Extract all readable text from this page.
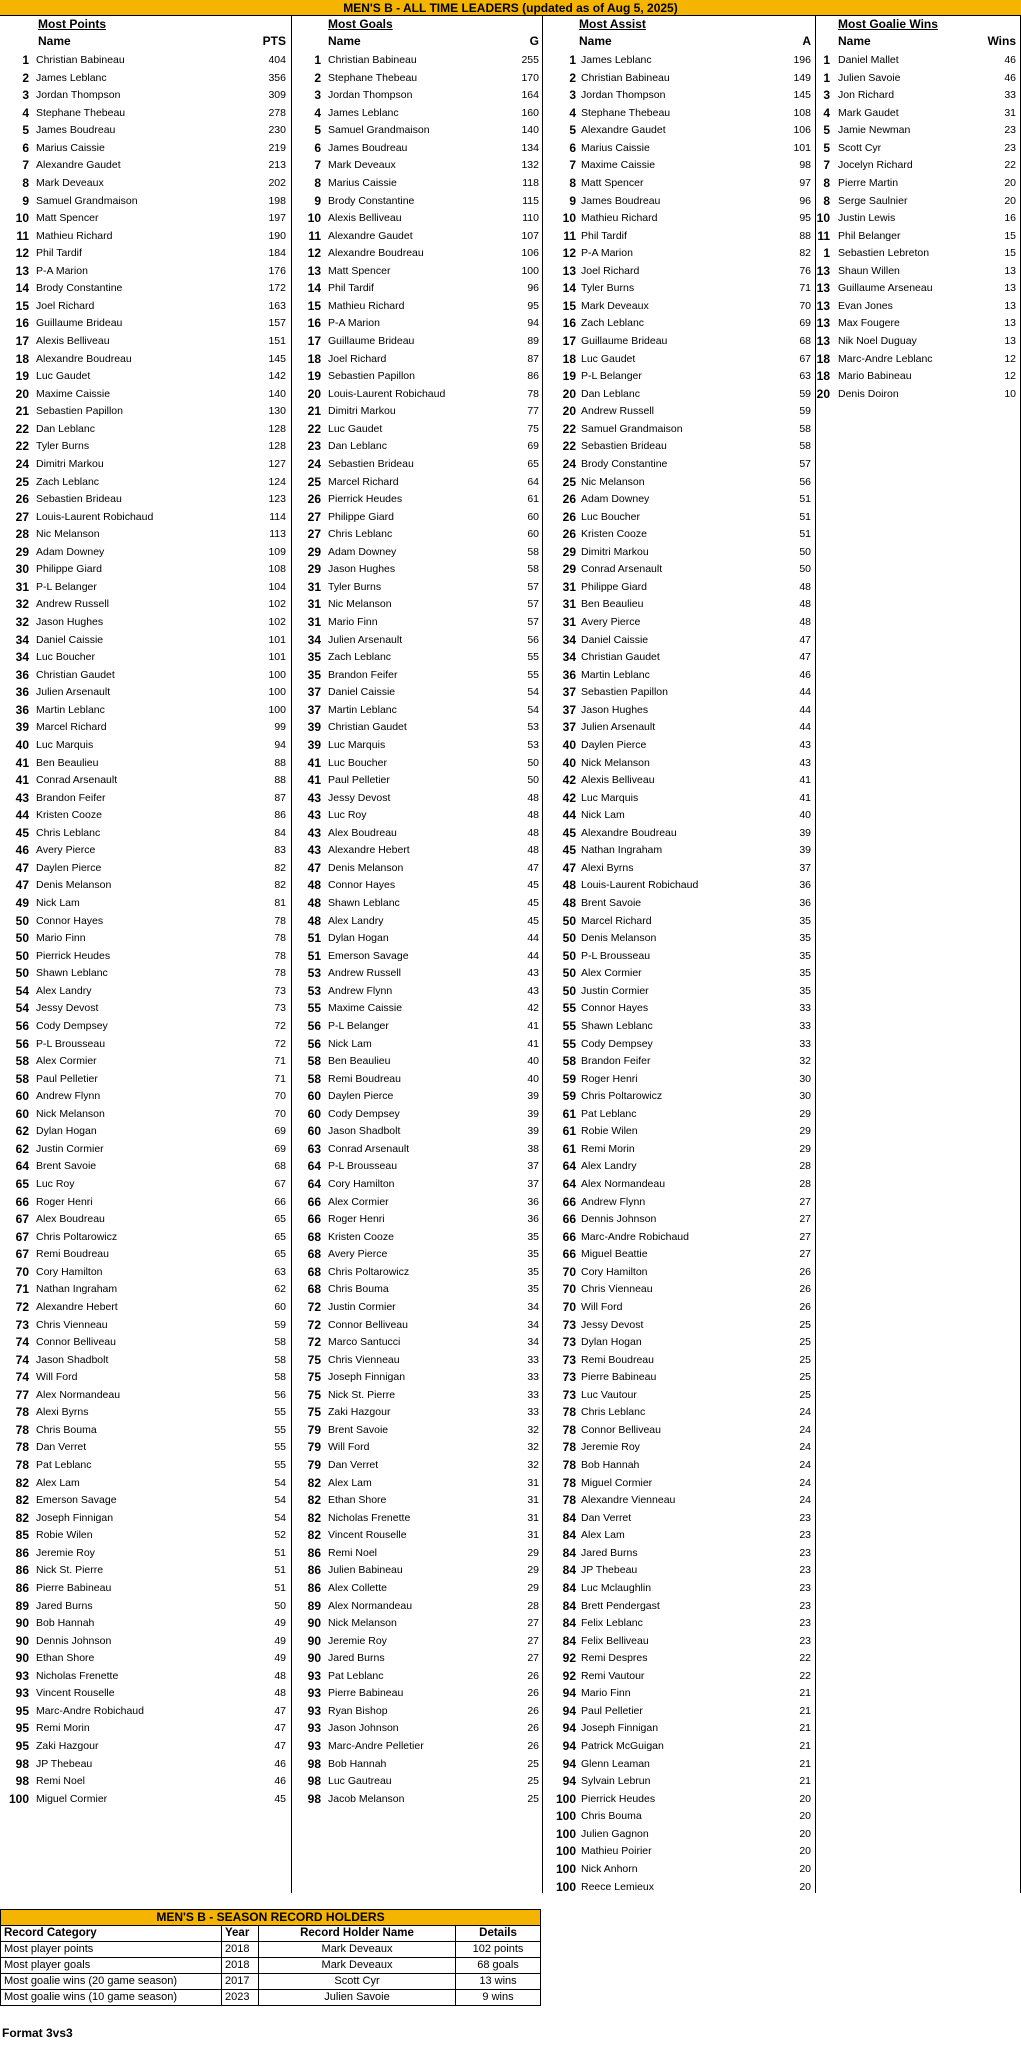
MEN'S B - ALL TIME LEADERS (updated as of Aug 5, 2025)
Most Points
Name	PTS
1 Christian Babineau	404
2 James Leblanc	356
3 Jordan Thompson	309
4 Stephane Thebeau	278
5 James Boudreau	230
6 Marius Caissie	219
7 Alexandre Gaudet	213
8 Mark Deveaux	202
9 Samuel Grandmaison	198
10 Matt Spencer	197
11 Mathieu Richard	190
12 Phil Tardif	184
13 P-A Marion	176
14 Brody Constantine	172
15 Joel Richard	163
16 Guillaume Brideau	157
17 Alexis Belliveau	151
18 Alexandre Boudreau	145
19 Luc Gaudet	142
20 Maxime Caissie	140
21 Sebastien Papillon	130
22 Dan Leblanc	128
22 Tyler Burns	128
24 Dimitri Markou	127
25 Zach Leblanc	124
26 Sebastien Brideau	123
27 Louis-Laurent Robichaud	114
28 Nic Melanson	113
29 Adam Downey	109
30 Philippe Giard	108
31 P-L Belanger	104
32 Andrew Russell	102
32 Jason Hughes	102
34 Daniel Caissie	101
34 Luc Boucher	101
36 Christian Gaudet	100
36 Julien Arsenault	100
36 Martin Leblanc	100
39 Marcel Richard	99
40 Luc Marquis	94
41 Ben Beaulieu	88
41 Conrad Arsenault	88
43 Brandon Feifer	87
44 Kristen Cooze	86
45 Chris Leblanc	84
46 Avery Pierce	83
47 Daylen Pierce	82
47 Denis Melanson	82
49 Nick Lam	81
50 Connor Hayes	78
50 Mario Finn	78
50 Pierrick Heudes	78
50 Shawn Leblanc	78
54 Alex Landry	73
54 Jessy Devost	73
56 Cody Dempsey	72
56 P-L Brousseau	72
58 Alex Cormier	71
58 Paul Pelletier	71
60 Andrew Flynn	70
60 Nick Melanson	70
62 Dylan Hogan	69
62 Justin Cormier	69
64 Brent Savoie	68
65 Luc Roy	67
66 Roger Henri	66
67 Alex Boudreau	65
67 Chris Poltarowicz	65
67 Remi Boudreau	65
70 Cory Hamilton	63
71 Nathan Ingraham	62
72 Alexandre Hebert	60
73 Chris Vienneau	59
74 Connor Belliveau	58
74 Jason Shadbolt	58
74 Will Ford	58
77 Alex Normandeau	56
78 Alexi Byrns	55
78 Chris Bouma	55
78 Dan Verret	55
78 Pat Leblanc	55
82 Alex Lam	54
82 Emerson Savage	54
82 Joseph Finnigan	54
85 Robie Wilen	52
86 Jeremie Roy	51
86 Nick St. Pierre	51
86 Pierre Babineau	51
89 Jared Burns	50
90 Bob Hannah	49
90 Dennis Johnson	49
90 Ethan Shore	49
93 Nicholas Frenette	48
93 Vincent Rouselle	48
95 Marc-Andre Robichaud	47
95 Remi Morin	47
95 Zaki Hazgour	47
98 JP Thebeau	46
98 Remi Noel	46
100 Miguel Cormier	45
Most Goals
Name	G
1 Christian Babineau	255
2 Stephane Thebeau	170
3 Jordan Thompson	164
4 James Leblanc	160
5 Samuel Grandmaison	140
6 James Boudreau	134
7 Mark Deveaux	132
8 Marius Caissie	118
9 Brody Constantine	115
10 Alexis Belliveau	110
11 Alexandre Gaudet	107
12 Alexandre Boudreau	106
13 Matt Spencer	100
14 Phil Tardif	96
15 Mathieu Richard	95
16 P-A Marion	94
17 Guillaume Brideau	89
18 Joel Richard	87
19 Sebastien Papillon	86
20 Louis-Laurent Robichaud	78
21 Dimitri Markou	77
22 Luc Gaudet	75
23 Dan Leblanc	69
24 Sebastien Brideau	65
25 Marcel Richard	64
26 Pierrick Heudes	61
27 Philippe Giard	60
27 Chris Leblanc	60
29 Adam Downey	58
29 Jason Hughes	58
31 Tyler Burns	57
31 Nic Melanson	57
31 Mario Finn	57
34 Julien Arsenault	56
35 Zach Leblanc	55
35 Brandon Feifer	55
37 Daniel Caissie	54
37 Martin Leblanc	54
39 Christian Gaudet	53
39 Luc Marquis	53
41 Luc Boucher	50
41 Paul Pelletier	50
43 Jessy Devost	48
43 Luc Roy	48
43 Alex Boudreau	48
43 Alexandre Hebert	48
47 Denis Melanson	47
48 Connor Hayes	45
48 Shawn Leblanc	45
48 Alex Landry	45
51 Dylan Hogan	44
51 Emerson Savage	44
53 Andrew Russell	43
53 Andrew Flynn	43
55 Maxime Caissie	42
56 P-L Belanger	41
56 Nick Lam	41
58 Ben Beaulieu	40
58 Remi Boudreau	40
60 Daylen Pierce	39
60 Cody Dempsey	39
60 Jason Shadbolt	39
63 Conrad Arsenault	38
64 P-L Brousseau	37
64 Cory Hamilton	37
66 Alex Cormier	36
66 Roger Henri	36
68 Kristen Cooze	35
68 Avery Pierce	35
68 Chris Poltarowicz	35
68 Chris Bouma	35
72 Justin Cormier	34
72 Connor Belliveau	34
72 Marco Santucci	34
75 Chris Vienneau	33
75 Joseph Finnigan	33
75 Nick St. Pierre	33
75 Zaki Hazgour	33
79 Brent Savoie	32
79 Will Ford	32
79 Dan Verret	32
82 Alex Lam	31
82 Ethan Shore	31
82 Nicholas Frenette	31
82 Vincent Rouselle	31
86 Remi Noel	29
86 Julien Babineau	29
86 Alex Collette	29
89 Alex Normandeau	28
90 Nick Melanson	27
90 Jeremie Roy	27
90 Jared Burns	27
93 Pat Leblanc	26
93 Pierre Babineau	26
93 Ryan Bishop	26
93 Jason Johnson	26
93 Marc-Andre Pelletier	26
98 Bob Hannah	25
98 Luc Gautreau	25
98 Jacob Melanson	25
Most Assist
Name	A
1 James Leblanc	196
2 Christian Babineau	149
3 Jordan Thompson	145
4 Stephane Thebeau	108
5 Alexandre Gaudet	106
6 Marius Caissie	101
7 Maxime Caissie	98
8 Matt Spencer	97
9 James Boudreau	96
10 Mathieu Richard	95
11 Phil Tardif	88
12 P-A Marion	82
13 Joel Richard	76
14 Tyler Burns	71
15 Mark Deveaux	70
16 Zach Leblanc	69
17 Guillaume Brideau	68
18 Luc Gaudet	67
19 P-L Belanger	63
20 Dan Leblanc	59
20 Andrew Russell	59
22 Samuel Grandmaison	58
22 Sebastien Brideau	58
24 Brody Constantine	57
25 Nic Melanson	56
26 Adam Downey	51
26 Luc Boucher	51
26 Kristen Cooze	51
29 Dimitri Markou	50
29 Conrad Arsenault	50
31 Philippe Giard	48
31 Ben Beaulieu	48
31 Avery Pierce	48
34 Daniel Caissie	47
34 Christian Gaudet	47
36 Martin Leblanc	46
37 Sebastien Papillon	44
37 Jason Hughes	44
37 Julien Arsenault	44
40 Daylen Pierce	43
40 Nick Melanson	43
42 Alexis Belliveau	41
42 Luc Marquis	41
44 Nick Lam	40
45 Alexandre Boudreau	39
45 Nathan Ingraham	39
47 Alexi Byrns	37
48 Louis-Laurent Robichaud	36
48 Brent Savoie	36
50 Marcel Richard	35
50 Denis Melanson	35
50 P-L Brousseau	35
50 Alex Cormier	35
50 Justin Cormier	35
55 Connor Hayes	33
55 Shawn Leblanc	33
55 Cody Dempsey	33
58 Brandon Feifer	32
59 Roger Henri	30
59 Chris Poltarowicz	30
61 Pat Leblanc	29
61 Robie Wilen	29
61 Remi Morin	29
64 Alex Landry	28
64 Alex Normandeau	28
66 Andrew Flynn	27
66 Dennis Johnson	27
66 Marc-Andre Robichaud	27
66 Miguel Beattie	27
70 Cory Hamilton	26
70 Chris Vienneau	26
70 Will Ford	26
73 Jessy Devost	25
73 Dylan Hogan	25
73 Remi Boudreau	25
73 Pierre Babineau	25
73 Luc Vautour	25
78 Chris Leblanc	24
78 Connor Belliveau	24
78 Jeremie Roy	24
78 Bob Hannah	24
78 Miguel Cormier	24
78 Alexandre Vienneau	24
84 Dan Verret	23
84 Alex Lam	23
84 Jared Burns	23
84 JP Thebeau	23
84 Luc Mclaughlin	23
84 Brett Pendergast	23
84 Felix Leblanc	23
84 Felix Belliveau	23
92 Remi Despres	22
92 Remi Vautour	22
94 Mario Finn	21
94 Paul Pelletier	21
94 Joseph Finnigan	21
94 Patrick McGuigan	21
94 Glenn Leaman	21
94 Sylvain Lebrun	21
100 Pierrick Heudes	20
100 Chris Bouma	20
100 Julien Gagnon	20
100 Mathieu Poirier	20
100 Nick Anhorn	20
100 Reece Lemieux	20
Most Goalie Wins
Name	Wins
1 Daniel Mallet	46
1 Julien Savoie	46
3 Jon Richard	33
4 Mark Gaudet	31
5 Jamie Newman	23
5 Scott Cyr	23
7 Jocelyn Richard	22
8 Pierre Martin	20
8 Serge Saulnier	20
10 Justin Lewis	16
11 Phil Belanger	15
1 Sebastien Lebreton	15
13 Shaun Willen	13
13 Guillaume Arseneau	13
13 Evan Jones	13
13 Max Fougere	13
13 Nik Noel Duguay	13
18 Marc-Andre Leblanc	12
18 Mario Babineau	12
20 Denis Doiron	10
MEN'S B - SEASON RECORD HOLDERS			
Record Category	Year	Record Holder Name	Details
Most player points	2018	Mark Deveaux	102 points
Most player goals	2018	Mark Deveaux	68 goals
Most goalie wins (20 game season)	2017	Scott Cyr	13 wins
Most goalie wins (10 game season)	2023	Julien Savoie	9 wins
Format 3vs3
